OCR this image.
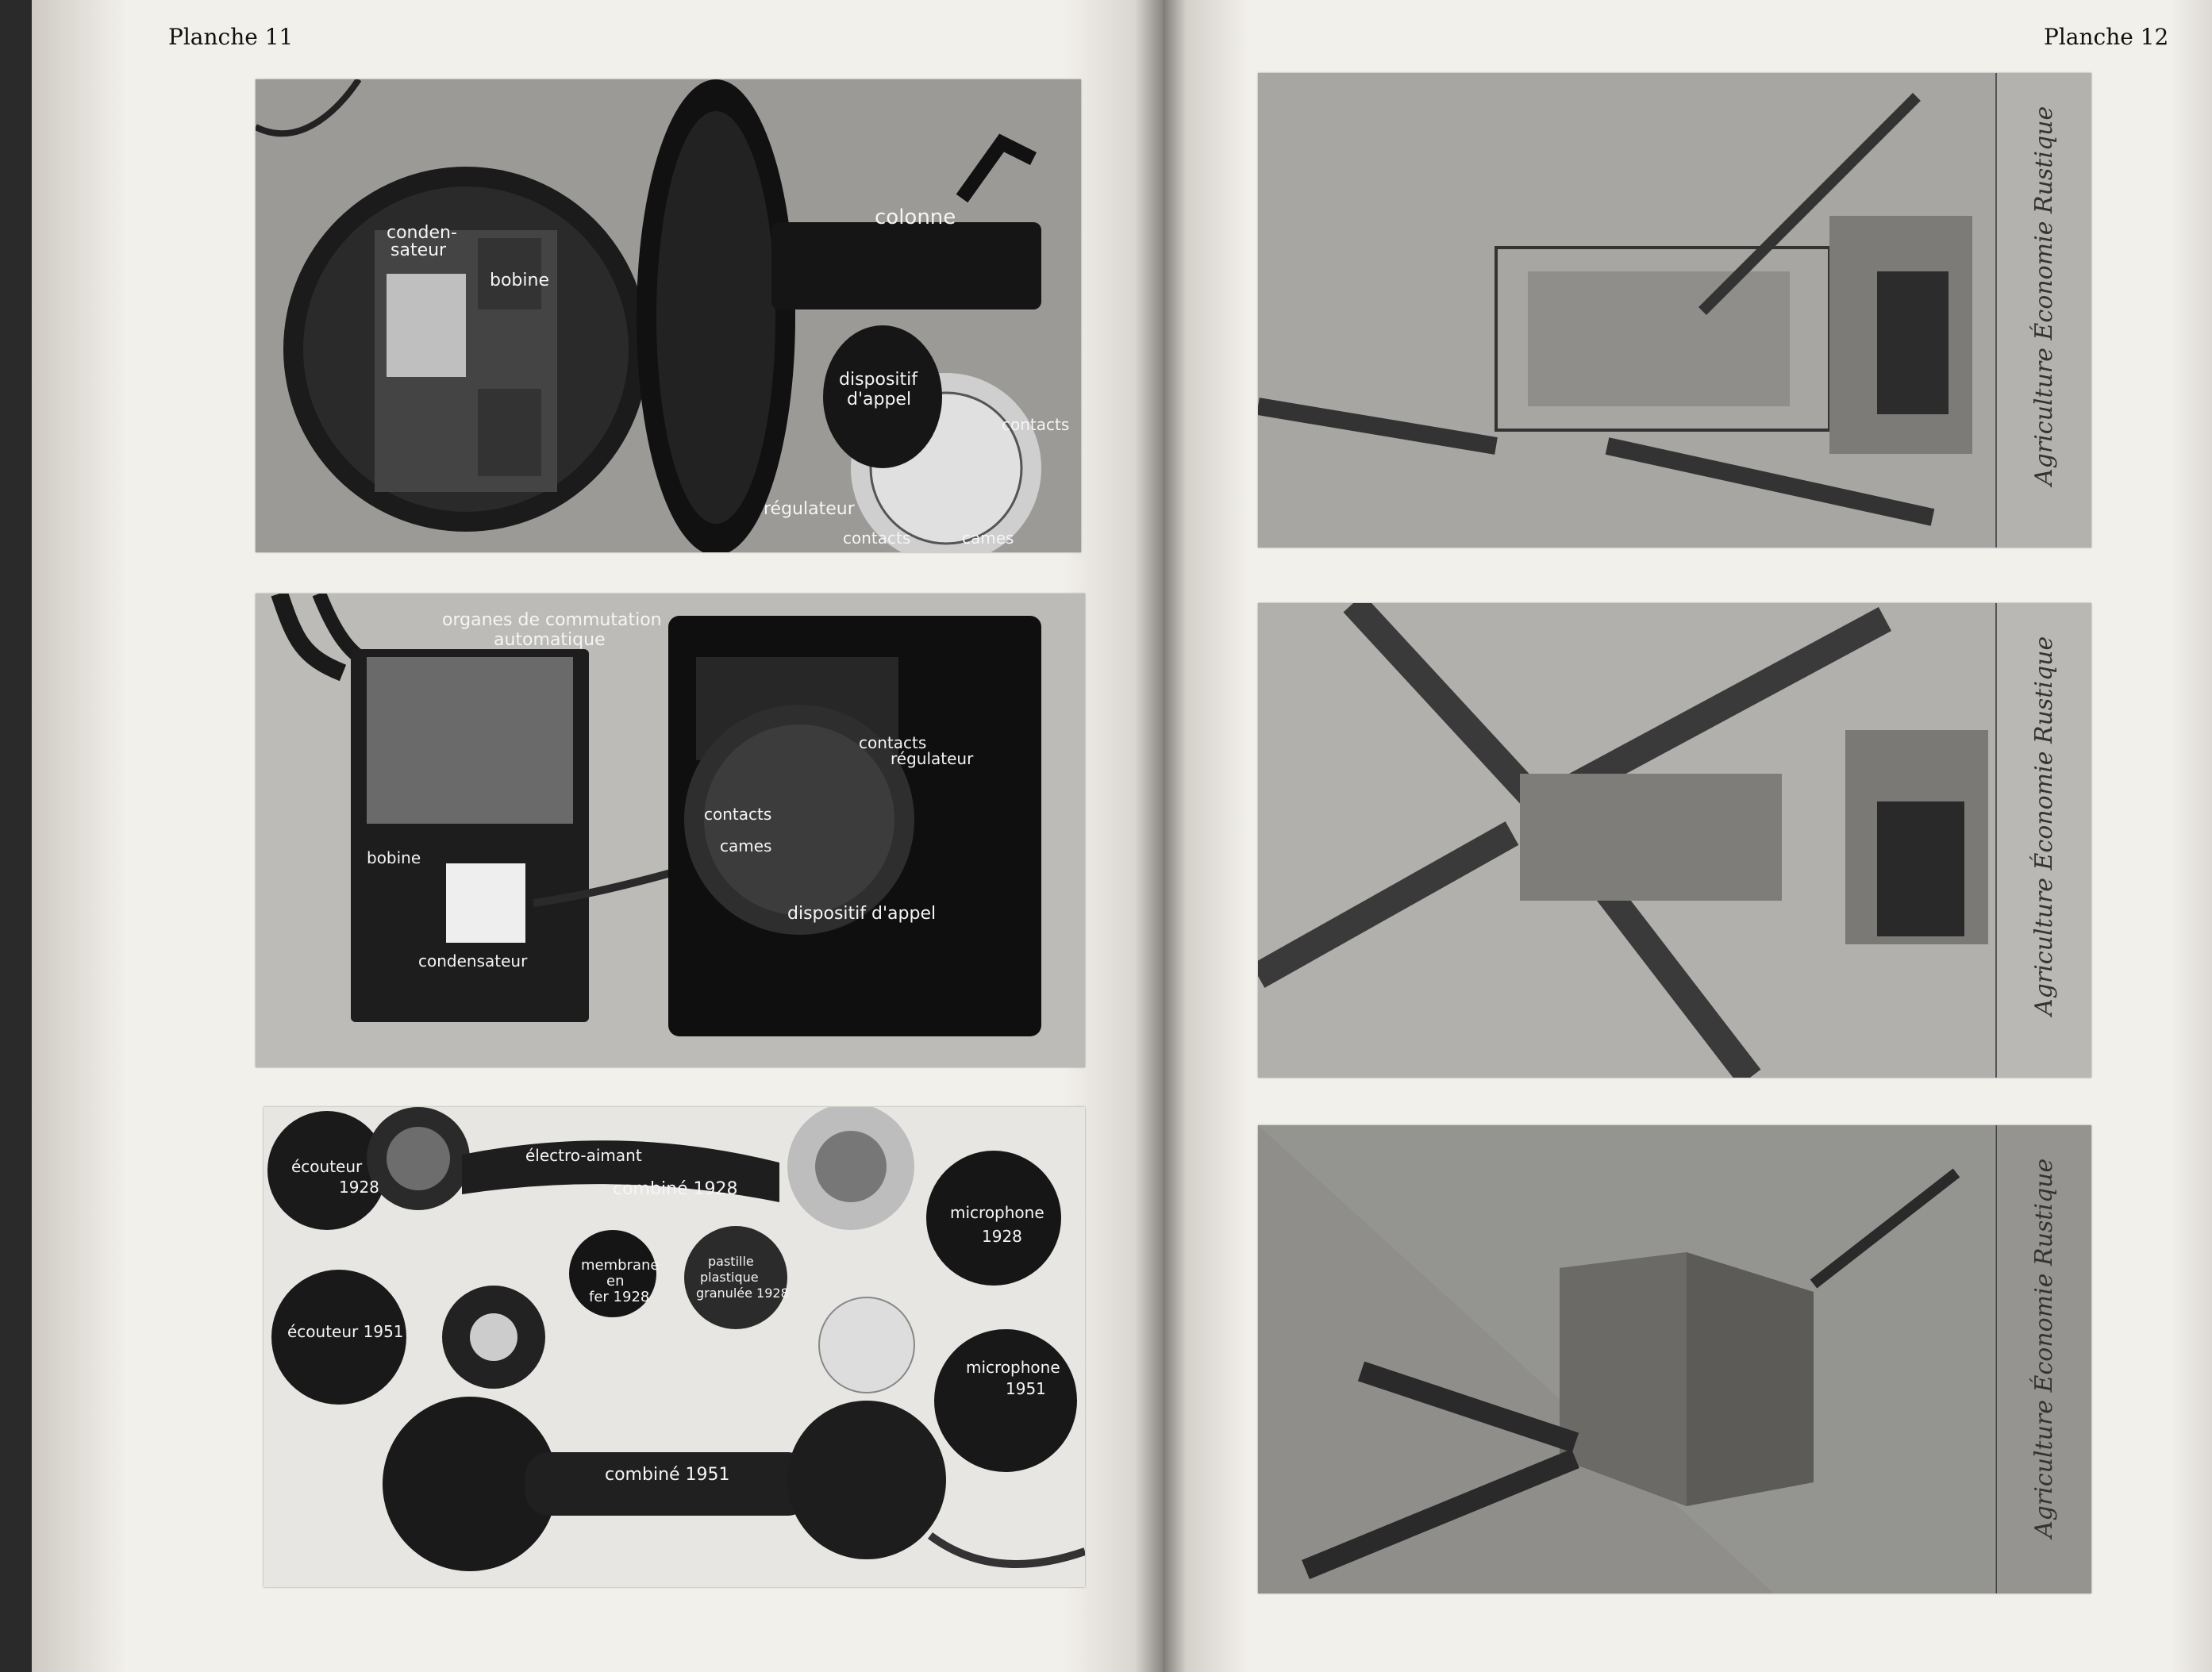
Planche 11
conden-
sateur
bobine
colonne
dispositif
d'appel
contacts
régulateur
contacts	cames
organes de commutation
automatique
contacts
régulateur
contacts
cames
bobine
condensateur
dispositif d'appel
écouteur
1928
électro-aimant
combiné 1928
membrane
en
fer 1928
pastille
plastique
granulée 1928
microphone
1928
écouteur 1951
microphone
1951
combiné 1951
Planche 12
Agriculture Économie Rustique
Agriculture Économie Rustique
Agriculture Économie Rustique
